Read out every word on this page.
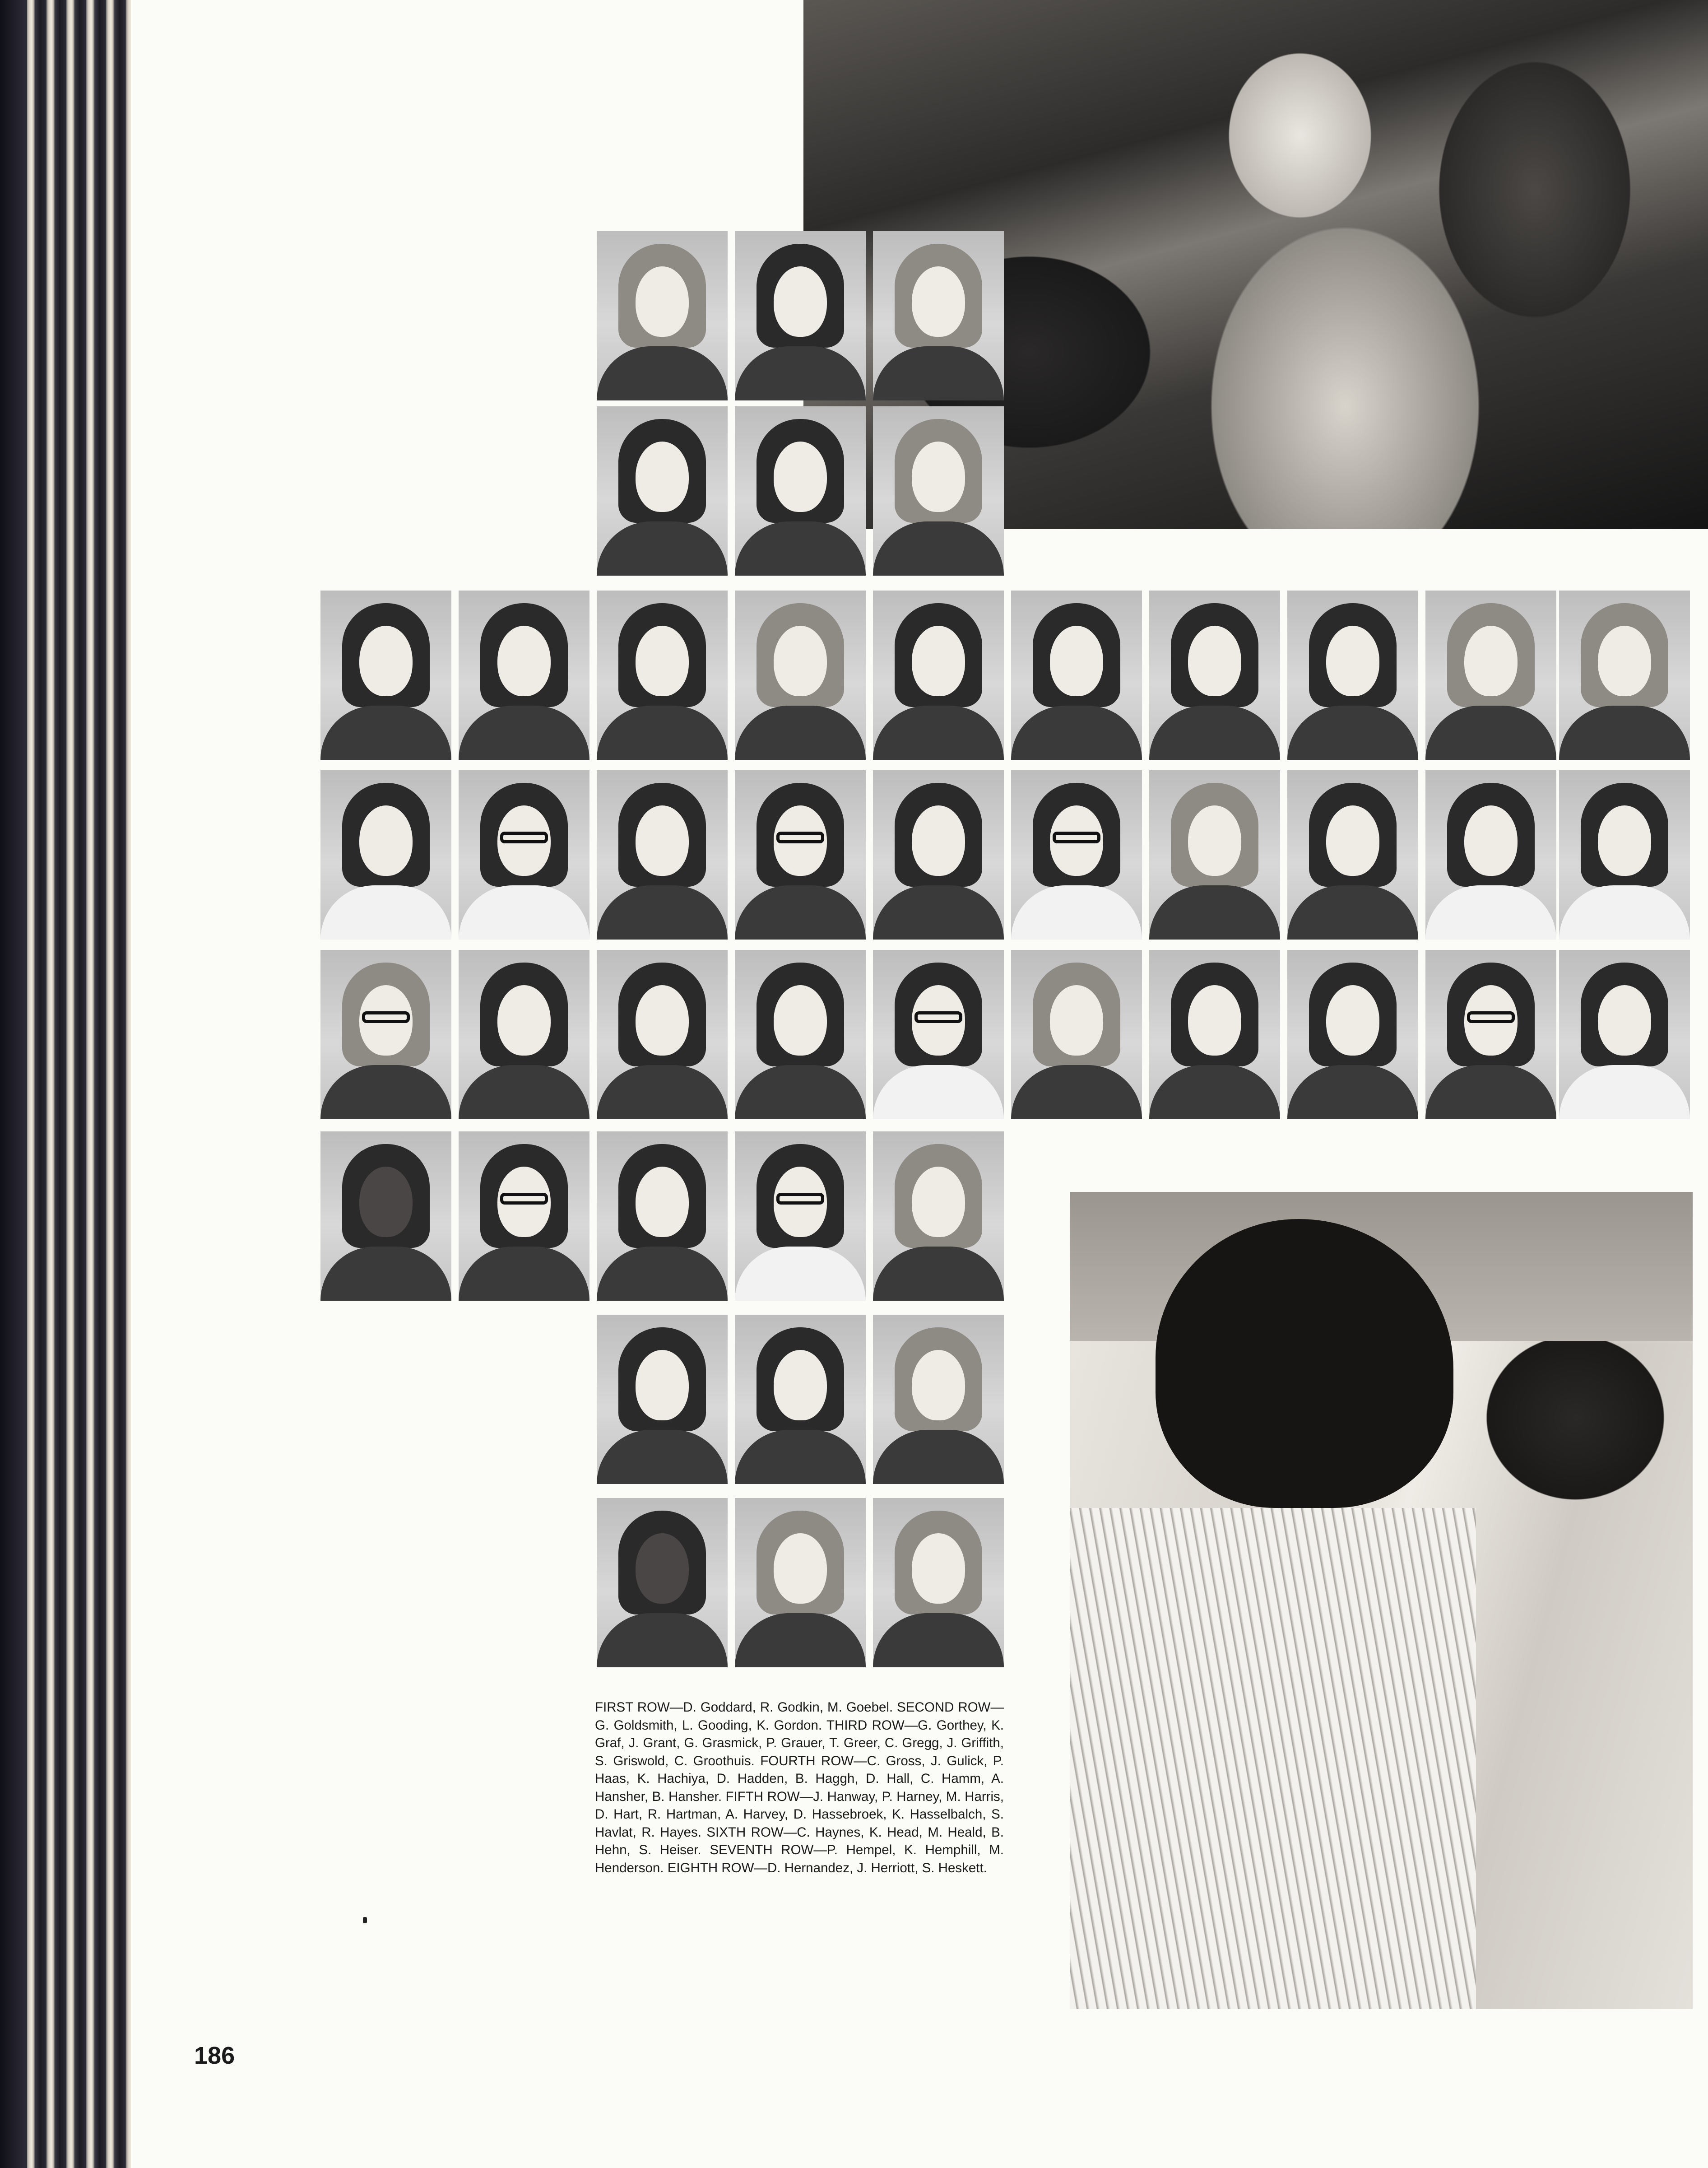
FIRST ROW—D. Goddard, R. Godkin, M. Goebel. SECOND ROW—G. Goldsmith, L. Gooding, K. Gordon. THIRD ROW—G. Gorthey, K. Graf, J. Grant, G. Grasmick, P. Grauer, T. Greer, C. Gregg, J. Griffith, S. Griswold, C. Groothuis. FOURTH ROW—C. Gross, J. Gulick, P. Haas, K. Hachiya, D. Hadden, B. Haggh, D. Hall, C. Hamm, A. Hansher, B. Hansher. FIFTH ROW—J. Hanway, P. Harney, M. Harris, D. Hart, R. Hartman, A. Harvey, D. Hassebroek, K. Hasselbalch, S. Havlat, R. Hayes. SIXTH ROW—C. Haynes, K. Head, M. Heald, B. Hehn, S. Heiser. SEVENTH ROW—P. Hempel, K. Hemphill, M. Henderson. EIGHTH ROW—D. Hernandez, J. Herriott, S. Heskett.
186
